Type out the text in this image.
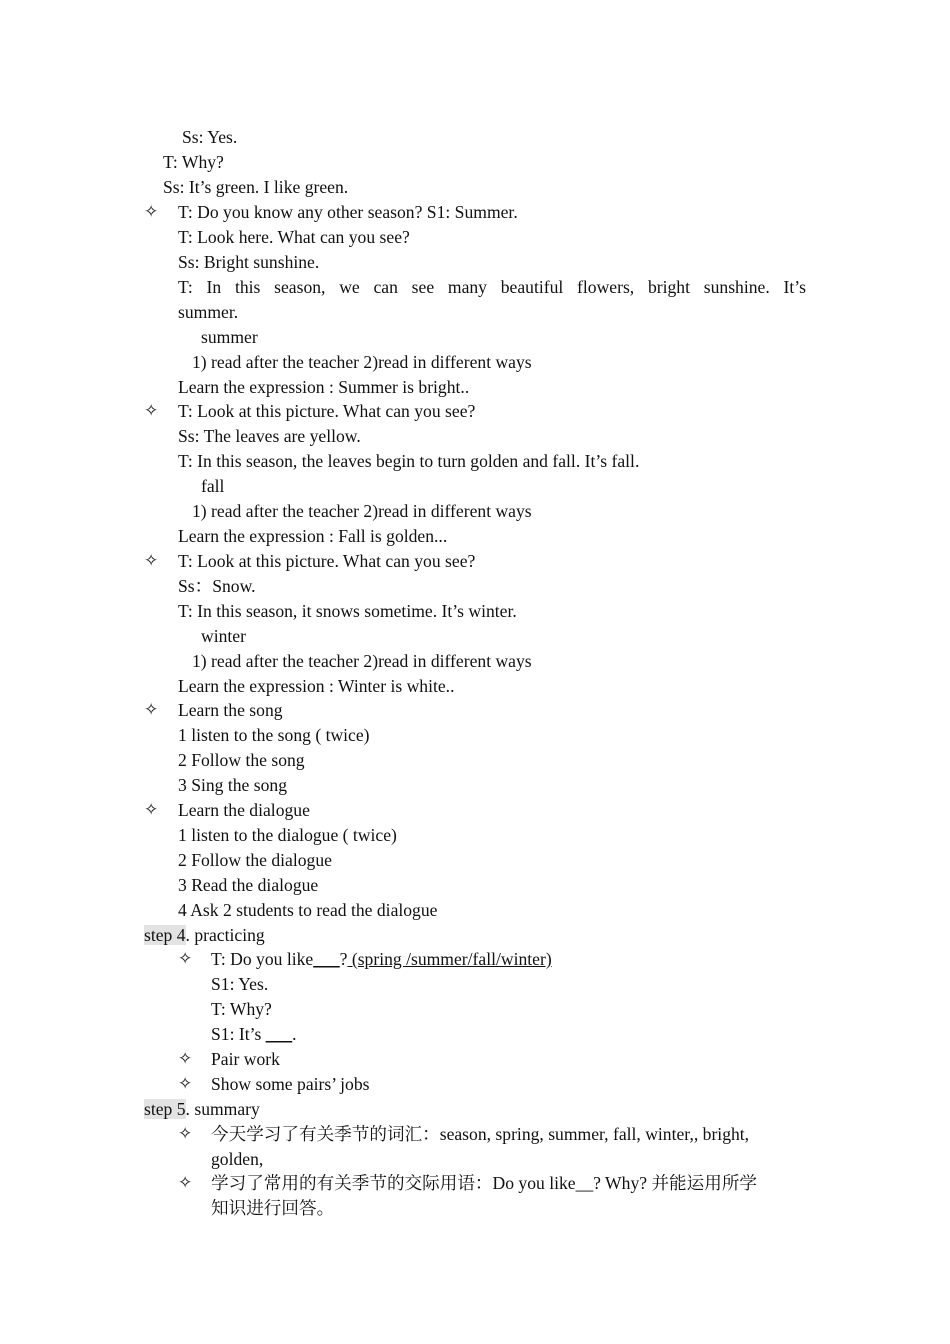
Ss: Yes.
T: Why?
Ss: It’s green. I like green.
✧ T: Do you know any other season? S1: Summer.
T: Look here. What can you see?
Ss: Bright sunshine.
T: In this season, we can see many beautiful flowers, bright sunshine. It’s
summer.
summer
1) read after the teacher 2)read in different ways
Learn the expression : Summer is bright..
✧ T: Look at this picture. What can you see?
Ss: The leaves are yellow.
T: In this season, the leaves begin to turn golden and fall. It’s fall.
fall
1) read after the teacher 2)read in different ways
Learn the expression : Fall is golden...
✧ T: Look at this picture. What can you see?
Ss：Snow.
T: In this season, it snows sometime. It’s winter.
winter
1) read after the teacher 2)read in different ways
Learn the expression : Winter is white..
✧ Learn the song
1 listen to the song ( twice)
2 Follow the song
3 Sing the song
✧ Learn the dialogue
1 listen to the dialogue ( twice)
2 Follow the dialogue
3 Read the dialogue
4 Ask 2 students to read the dialogue
step 4. practicing
✧ T: Do you like___? (spring /summer/fall/winter)
S1: Yes.
T: Why?
S1: It’s ___.
✧ Pair work
✧ Show some pairs’ jobs
step 5. summary
✧ 今天学习了有关季节的词汇：season, spring, summer, fall, winter,, bright,
golden,
✧ 学习了常用的有关季节的交际用语：Do you like__? Why? 并能运用所学
知识进行回答。
